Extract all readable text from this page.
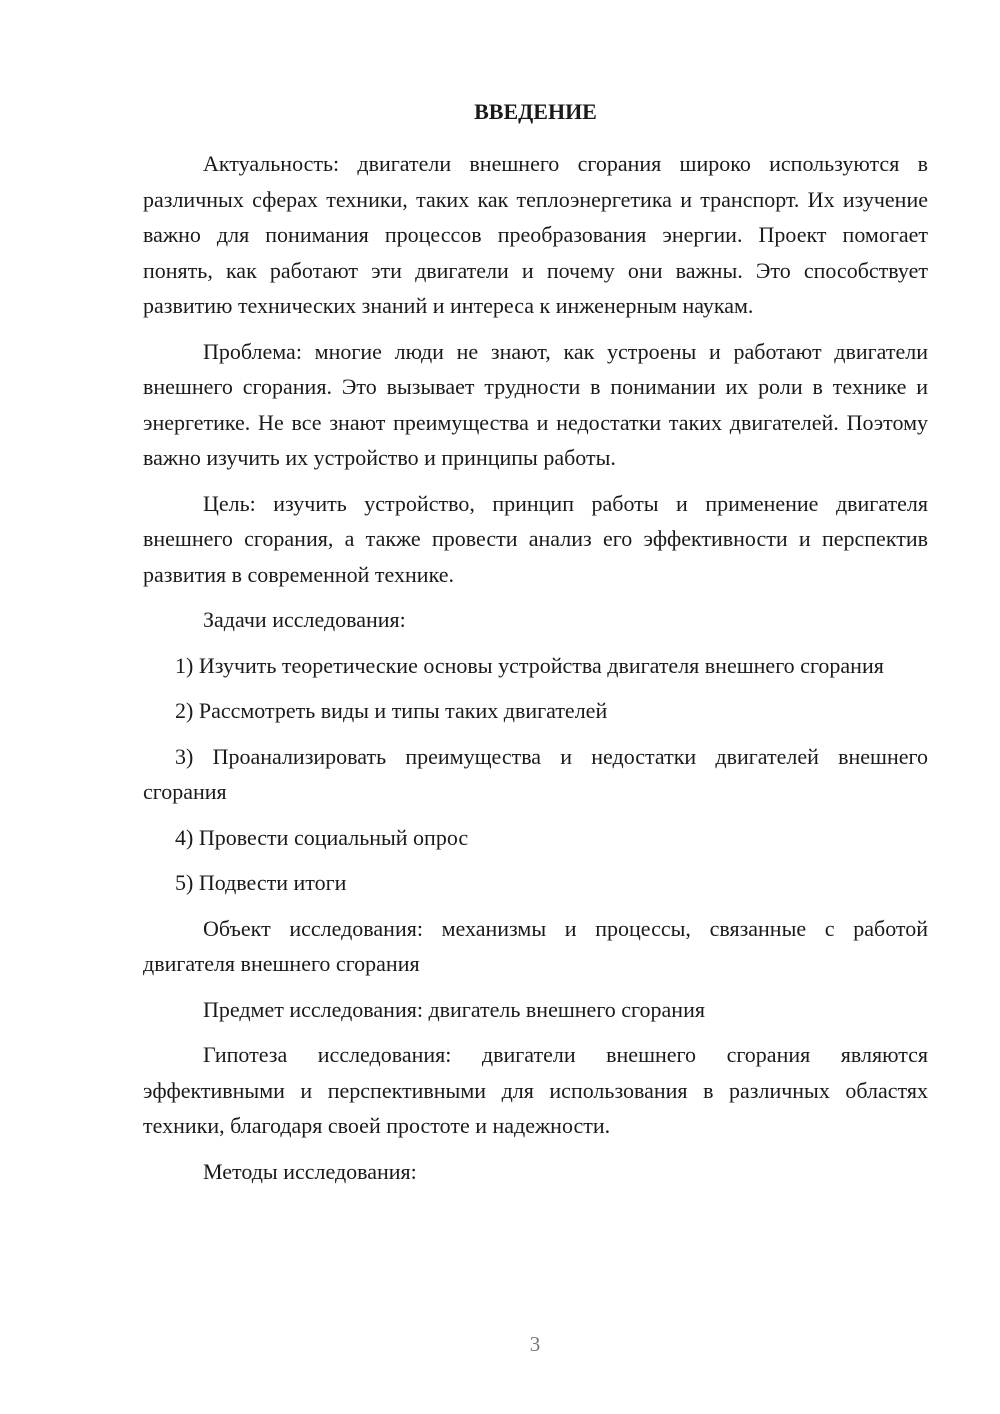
ВВЕДЕНИЕ

Актуальность: двигатели внешнего сгорания широко используются в различных сферах техники, таких как теплоэнергетика и транспорт. Их изучение важно для понимания процессов преобразования энергии. Проект помогает понять, как работают эти двигатели и почему они важны. Это способствует развитию технических знаний и интереса к инженерным наукам.

Проблема: многие люди не знают, как устроены и работают двигатели внешнего сгорания. Это вызывает трудности в понимании их роли в технике и энергетике. Не все знают преимущества и недостатки таких двигателей. Поэтому важно изучить их устройство и принципы работы.

Цель: изучить устройство, принцип работы и применение двигателя внешнего сгорания, а также провести анализ его эффективности и перспектив развития в современной технике.

Задачи исследования:

1) Изучить теоретические основы устройства двигателя внешнего сгорания

2) Рассмотреть виды и типы таких двигателей

3) Проанализировать преимущества и недостатки двигателей внешнего сгорания

4) Провести социальный опрос

5) Подвести итоги

Объект исследования: механизмы и процессы, связанные с работой двигателя внешнего сгорания

Предмет исследования: двигатель внешнего сгорания

Гипотеза исследования: двигатели внешнего сгорания являются эффективными и перспективными для использования в различных областях техники, благодаря своей простоте и надежности.

Методы исследования:

3
